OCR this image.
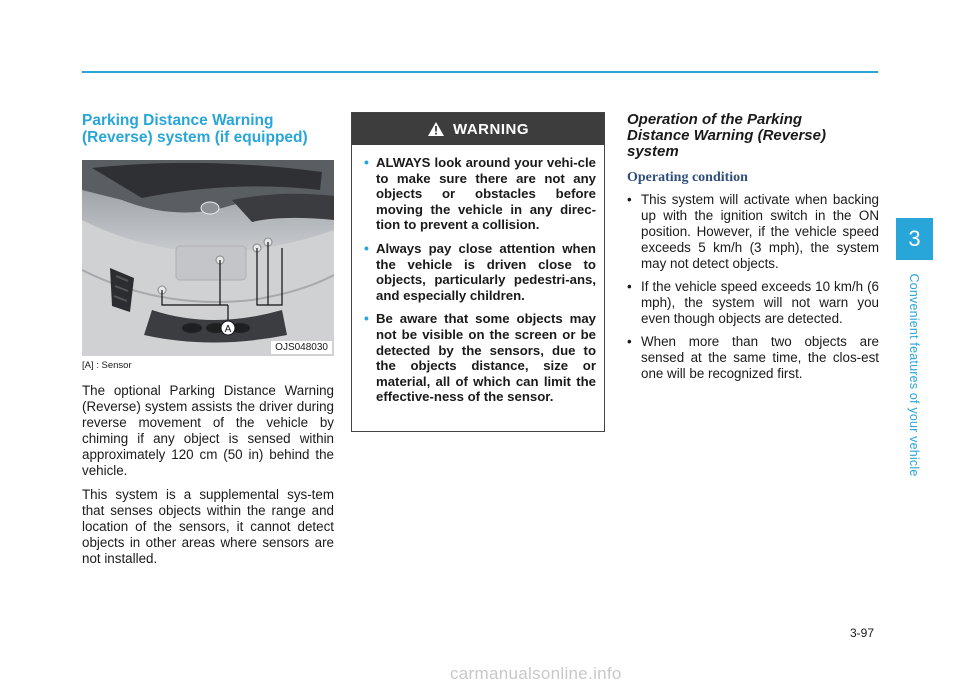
Parking Distance Warning
(Reverse) system (if equipped)
A
OJS048030
[A] : Sensor

The optional Parking Distance Warning (Reverse) system assists the driver during reverse movement of the vehicle by chiming if any object is sensed within approximately 120 cm (50 in) behind the vehicle.

This system is a supplemental sys-tem that senses objects within the range and location of the sensors, it cannot detect objects in other areas where sensors are not installed.

WARNING
• ALWAYS look around your vehi-cle to make sure there are not any objects or obstacles before moving the vehicle in any direc-tion to prevent a collision.
• Always pay close attention when the vehicle is driven close to objects, particularly pedestri-ans, and especially children.
• Be aware that some objects may not be visible on the screen or be detected by the sensors, due to the objects distance, size or material, all of which can limit the effective-ness of the sensor.
Operation of the Parking
Distance Warning (Reverse)
system
Operating condition
• This system will activate when backing up with the ignition switch in the ON position. However, if the vehicle speed exceeds 5 km/h (3 mph), the system may not detect objects.
• If the vehicle speed exceeds 10 km/h (6 mph), the system will not warn you even though objects are detected.
• When more than two objects are sensed at the same time, the clos-est one will be recognized first.
3
Convenient features of your vehicle
3-97
carmanualsonline.info
